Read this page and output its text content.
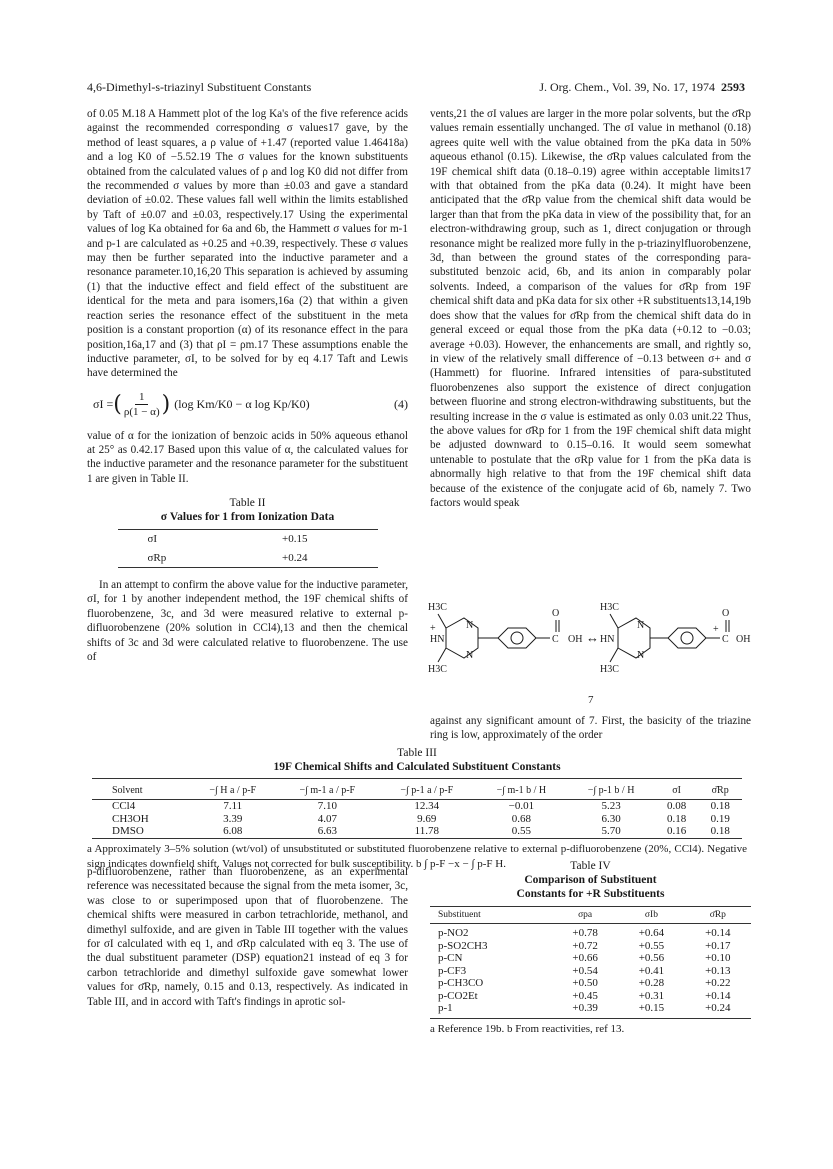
4,6-Dimethyl-s-triazinyl Substituent Constants	J. Org. Chem., Vol. 39, No. 17, 1974 2593

of 0.05 M.18 A Hammett plot of the log Ka's of the five reference acids against the recommended corresponding σ values17 gave, by the method of least squares, a ρ value of +1.47 (reported value 1.46418a) and a log K0 of −5.52.19 The σ values for the known substituents obtained from the calculated values of ρ and log K0 did not differ from the recommended σ values by more than ±0.03 and gave a standard deviation of ±0.02. These values fall well within the limits established by Taft of ±0.07 and ±0.03, respectively.17 Using the experimental values of log Ka obtained for 6a and 6b, the Hammett σ values for m-1 and p-1 are calculated as +0.25 and +0.39, respectively. These σ values may then be further separated into the inductive parameter and a resonance parameter.10,16,20 This separation is achieved by assuming (1) that the inductive effect and field effect of the substituent are identical for the meta and para isomers,16a (2) that within a given reaction series the resonance effect of the substituent in the meta position is a constant proportion (α) of its resonance effect in the para position,16a,17 and (3) that ρI = ρm.17 These assumptions enable the inductive parameter, σI, to be solved for by eq 4.17 Taft and Lewis have determined the

σI = ( $\frac{1}{\rho(1 - \alpha)}$ ) (log Km/K0 − α log Kp/K0)	(4)

value of α for the ionization of benzoic acids in 50% aqueous ethanol at 25° as 0.42.17 Based upon this value of α, the calculated values for the inductive parameter and the resonance parameter for the substituent 1 are given in Table II.

Table II
σ Values for 1 from Ionization Data
σI	+0.15
σRp	+0.24

In an attempt to confirm the above value for the inductive parameter, σI, for 1 by another independent method, the 19F chemical shifts of fluorobenzene, 3c, and 3d were measured relative to external p-difluorobenzene (20% solution in CCl4),13 and then the chemical shifts of 3c and 3d were calculated relative to fluorobenzene. The use of

vents,21 the σI values are larger in the more polar solvents, but the σ̄Rp values remain essentially unchanged. The σI value in methanol (0.18) agrees quite well with the value obtained from the pKa data in 50% aqueous ethanol (0.15). Likewise, the σ̄Rp values calculated from the 19F chemical shift data (0.18–0.19) agree within acceptable limits17 with that obtained from the pKa data (0.24). It might have been anticipated that the σ̄Rp value from the chemical shift data would be larger than that from the pKa data in view of the possibility that, for an electron-withdrawing group, such as 1, direct conjugation or through resonance might be realized more fully in the p-triazinylfluorobenzene, 3d, than between the ground states of the corresponding para-substituted benzoic acid, 6b, and its anion in comparably polar solvents. Indeed, a comparison of the values for σ̄Rp from 19F chemical shift data and pKa data for six other +R substituents13,14,19b does show that the values for σ̄Rp from the chemical shift data do in general exceed or equal those from the pKa data (+0.12 to −0.03; average +0.03). However, the enhancements are small, and rightly so, in view of the relatively small difference of −0.13 between σ+ and σ (Hammett) for fluorine. Infrared intensities of para-substituted fluorobenzenes also support the existence of direct conjugation between fluorine and strong electron-withdrawing substituents, but the resulting increase in the σ value is estimated as only 0.03 unit.22 Thus, the above values for σ̄Rp for 1 from the 19F chemical shift data might be adjusted downward to 0.15–0.16. It would seem somewhat untenable to postulate that the σRp value for 1 from the pKa data is abnormally high relative to that from the 19F chemical shift data because of the existence of the conjugate acid of 6b, namely 7. Two factors would speak

H3C
H3C
N
N
+
HN
O
C OH ↔
H3C
H3C
N
N
HN
O
+
C OH
7

against any significant amount of 7. First, the basicity of the triazine ring is low, approximately of the order

Table III
19F Chemical Shifts and Calculated Substituent Constants
Solvent	−∫ H a / p-F	−∫ m-1 a / p-F	−∫ p-1 a / p-F	−∫ m-1 b / H	−∫ p-1 b / H	σI	σ̄Rp
CCl4	7.11	7.10	12.34	−0.01	5.23	0.08	0.18
CH3OH	3.39	4.07	9.69	0.68	6.30	0.18	0.19
DMSO	6.08	6.63	11.78	0.55	5.70	0.16	0.18
a Approximately 3–5% solution (wt/vol) of unsubstituted or substituted fluorobenzene relative to external p-difluorobenzene (20%, CCl4). Negative sign indicates downfield shift. Values not corrected for bulk susceptibility. b ∫ p-F −x − ∫ p-F H.

p-difluorobenzene, rather than fluorobenzene, as an experimental reference was necessitated because the signal from the meta isomer, 3c, was close to or superimposed upon that of fluorobenzene. The chemical shifts were measured in carbon tetrachloride, methanol, and dimethyl sulfoxide, and are given in Table III together with the values for σI calculated with eq 1, and σ̄Rp calculated with eq 3. The use of the dual substituent parameter (DSP) equation21 instead of eq 3 for carbon tetrachloride and dimethyl sulfoxide gave somewhat lower values for σ̄Rp, namely, 0.15 and 0.13, respectively. As indicated in Table III, and in accord with Taft's findings in aprotic sol-

Table IV
Comparison of Substituent
Constants for +R Substituents
Substituent	σpa	σIb	σ̄Rp
p-NO2	+0.78	+0.64	+0.14
p-SO2CH3	+0.72	+0.55	+0.17
p-CN	+0.66	+0.56	+0.10
p-CF3	+0.54	+0.41	+0.13
p-CH3CO	+0.50	+0.28	+0.22
p-CO2Et	+0.45	+0.31	+0.14
p-1	+0.39	+0.15	+0.24
a Reference 19b. b From reactivities, ref 13.
